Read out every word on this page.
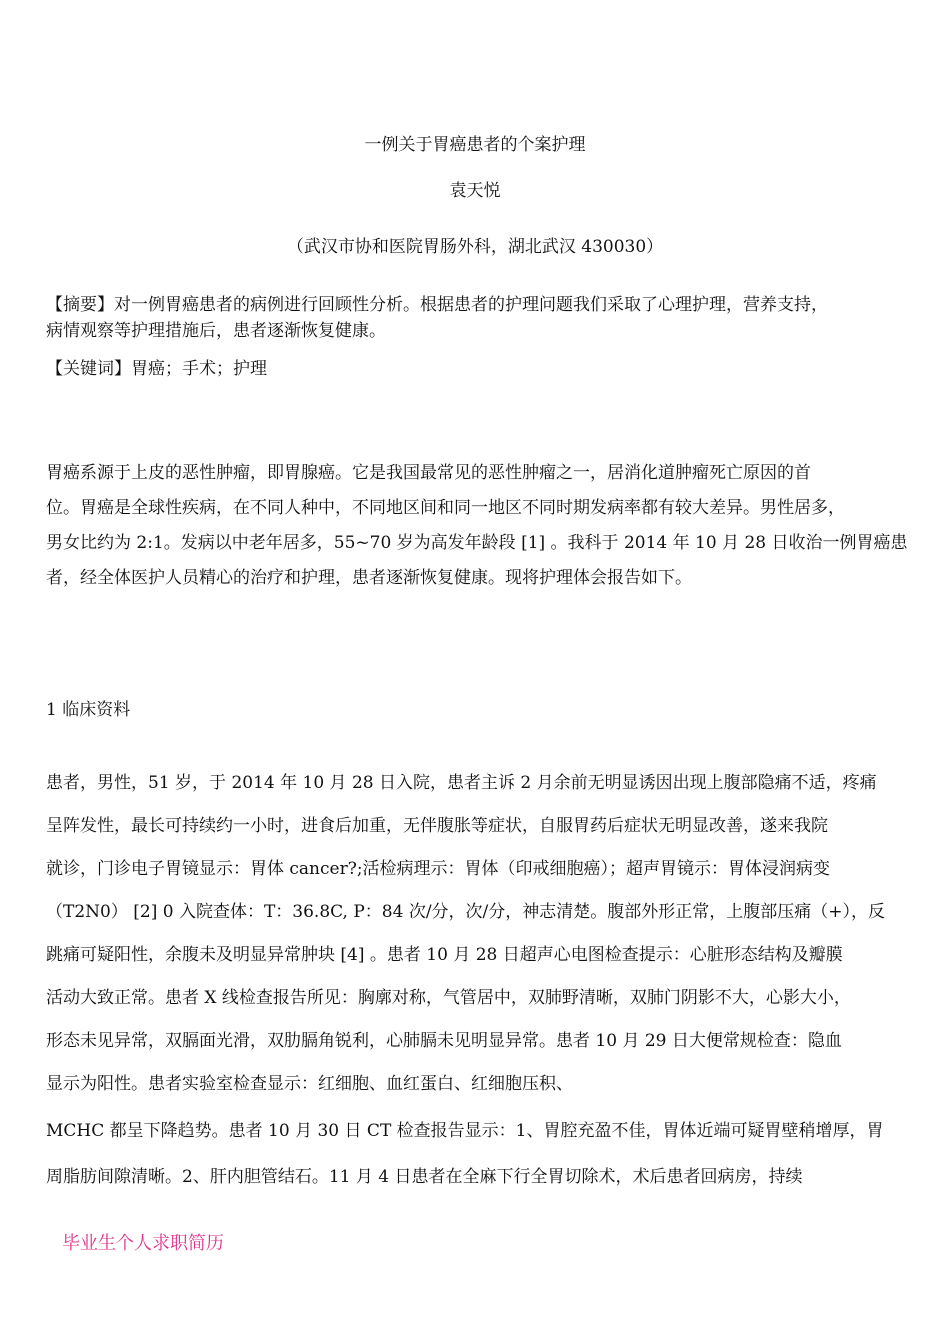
一例关于胃癌患者的个案护理
袁天悦
（武汉市协和医院胃肠外科，湖北武汉 430030）
【摘要】对一例胃癌患者的病例进行回顾性分析。根据患者的护理问题我们采取了心理护理，营养支持，
病情观察等护理措施后，患者逐渐恢复健康。
【关键词】胃癌；手术；护理
胃癌系源于上皮的恶性肿瘤，即胃腺癌。它是我国最常见的恶性肿瘤之一，居消化道肿瘤死亡原因的首
位。胃癌是全球性疾病，在不同人种中，不同地区间和同一地区不同时期发病率都有较大差异。男性居多，
男女比约为 2:1。发病以中老年居多，55~70 岁为高发年龄段 [1] 。我科于 2014 年 10 月 28 日收治一例胃癌患
者，经全体医护人员精心的治疗和护理，患者逐渐恢复健康。现将护理体会报告如下。
1 临床资料
患者，男性，51 岁，于 2014 年 10 月 28 日入院，患者主诉 2 月余前无明显诱因出现上腹部隐痛不适，疼痛
呈阵发性，最长可持续约一小时，进食后加重，无伴腹胀等症状，自服胃药后症状无明显改善，遂来我院
就诊，门诊电子胃镜显示：胃体 cancer?;活检病理示：胃体（印戒细胞癌）；超声胃镜示：胃体浸润病变
（T2N0） [2] 0 入院查体：T：36.8C, P：84 次/分，次/分，神志清楚。腹部外形正常，上腹部压痛（+），反
跳痛可疑阳性，余腹未及明显异常肿块 [4] 。患者 10 月 28 日超声心电图检查提示：心脏形态结构及瓣膜
活动大致正常。患者 X 线检查报告所见：胸廓对称，气管居中，双肺野清晰，双肺门阴影不大，心影大小，
形态未见异常，双膈面光滑，双肋膈角锐利，心肺膈未见明显异常。患者 10 月 29 日大便常规检查：隐血
显示为阳性。患者实验室检查显示：红细胞、血红蛋白、红细胞压积、
MCHC 都呈下降趋势。患者 10 月 30 日 CT 检查报告显示：1、胃腔充盈不佳，胃体近端可疑胃壁稍增厚，胃
周脂肪间隙清晰。2、肝内胆管结石。11 月 4 日患者在全麻下行全胃切除术，术后患者回病房，持续
毕业生个人求职简历
